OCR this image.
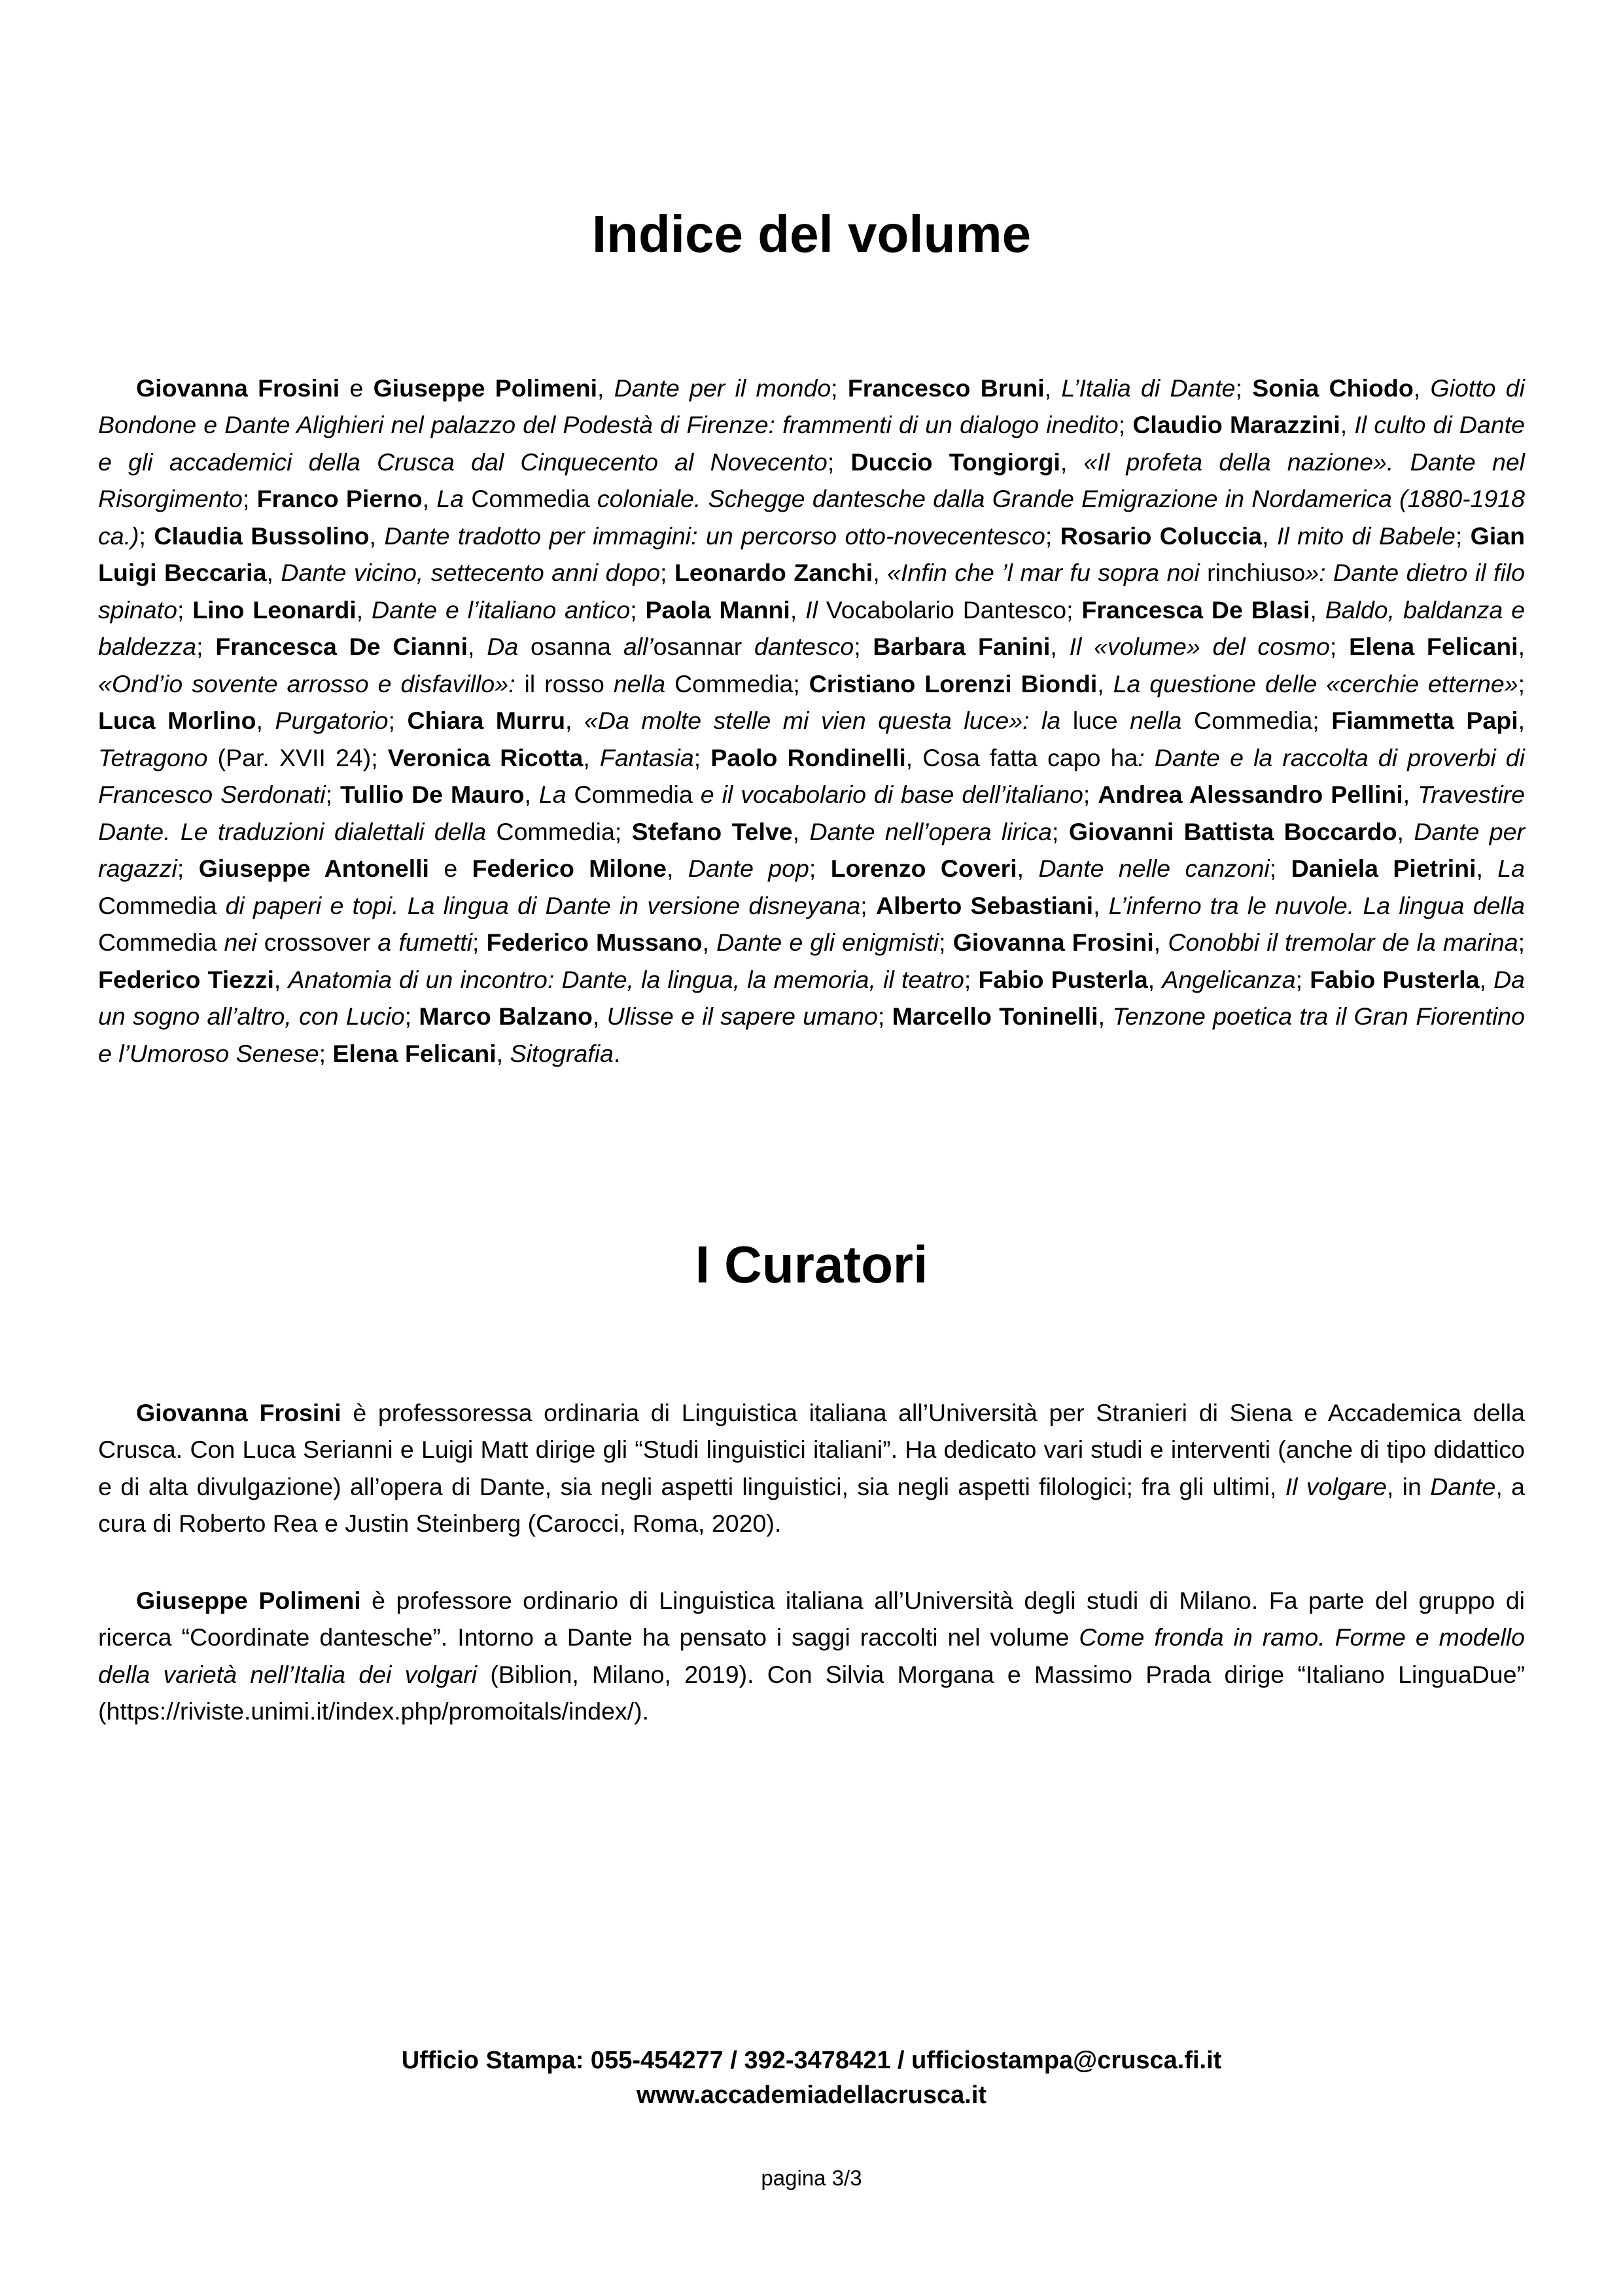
Indice del volume

Giovanna Frosini e Giuseppe Polimeni, Dante per il mondo; Francesco Bruni, L’Italia di Dante; Sonia Chiodo, Giotto di Bondone e Dante Alighieri nel palazzo del Podestà di Firenze: frammenti di un dialogo inedito; Claudio Marazzini, Il culto di Dante e gli accademici della Crusca dal Cinquecento al Novecento; Duccio Tongiorgi, «Il profeta della nazione». Dante nel Risorgimento; Franco Pierno, La Commedia coloniale. Schegge dantesche dalla Grande Emigrazione in Nordamerica (1880-1918 ca.); Claudia Bussolino, Dante tradotto per immagini: un percorso otto-novecentesco; Rosario Coluccia, Il mito di Babele; Gian Luigi Beccaria, Dante vicino, settecento anni dopo; Leonardo Zanchi, «Infin che ’l mar fu sopra noi rinchiuso»: Dante dietro il filo spinato; Lino Leonardi, Dante e l’italiano antico; Paola Manni, Il Vocabolario Dantesco; Francesca De Blasi, Baldo, baldanza e baldezza; Francesca De Cianni, Da osanna all’osannar dantesco; Barbara Fanini, Il «volume» del cosmo; Elena Felicani, «Ond’io sovente arrosso e disfavillo»: il rosso nella Commedia; Cristiano Lorenzi Biondi, La questione delle «cerchie etterne»; Luca Morlino, Purgatorio; Chiara Murru, «Da molte stelle mi vien questa luce»: la luce nella Commedia; Fiammetta Papi, Tetragono (Par. XVII 24); Veronica Ricotta, Fantasia; Paolo Rondinelli, Cosa fatta capo ha: Dante e la raccolta di proverbi di Francesco Serdonati; Tullio De Mauro, La Commedia e il vocabolario di base dell’italiano; Andrea Alessandro Pellini, Travestire Dante. Le traduzioni dialettali della Commedia; Stefano Telve, Dante nell’opera lirica; Giovanni Battista Boccardo, Dante per ragazzi; Giuseppe Antonelli e Federico Milone, Dante pop; Lorenzo Coveri, Dante nelle canzoni; Daniela Pietrini, La Commedia di paperi e topi. La lingua di Dante in versione disneyana; Alberto Sebastiani, L’inferno tra le nuvole. La lingua della Commedia nei crossover a fumetti; Federico Mussano, Dante e gli enigmisti; Giovanna Frosini, Conobbi il tremolar de la marina; Federico Tiezzi, Anatomia di un incontro: Dante, la lingua, la memoria, il teatro; Fabio Pusterla, Angelicanza; Fabio Pusterla, Da un sogno all’altro, con Lucio; Marco Balzano, Ulisse e il sapere umano; Marcello Toninelli, Tenzone poetica tra il Gran Fiorentino e l’Umoroso Senese; Elena Felicani, Sitografia.

I Curatori

Giovanna Frosini è professoressa ordinaria di Linguistica italiana all’Università per Stranieri di Siena e Accademica della Crusca. Con Luca Serianni e Luigi Matt dirige gli “Studi linguistici italiani”. Ha dedicato vari studi e interventi (anche di tipo didattico e di alta divulgazione) all’opera di Dante, sia negli aspetti linguistici, sia negli aspetti filologici; fra gli ultimi, Il volgare, in Dante, a cura di Roberto Rea e Justin Steinberg (Carocci, Roma, 2020).

Giuseppe Polimeni è professore ordinario di Linguistica italiana all’Università degli studi di Milano. Fa parte del gruppo di ricerca “Coordinate dantesche”. Intorno a Dante ha pensato i saggi raccolti nel volume Come fronda in ramo. Forme e modello della varietà nell’Italia dei volgari (Biblion, Milano, 2019). Con Silvia Morgana e Massimo Prada dirige “Italiano LinguaDue” (https://riviste.unimi.it/index.php/promoitals/index/).

Ufficio Stampa: 055-454277 / 392-3478421 / ufficiostampa@crusca.fi.it
www.accademiadellacrusca.it
pagina 3/3
